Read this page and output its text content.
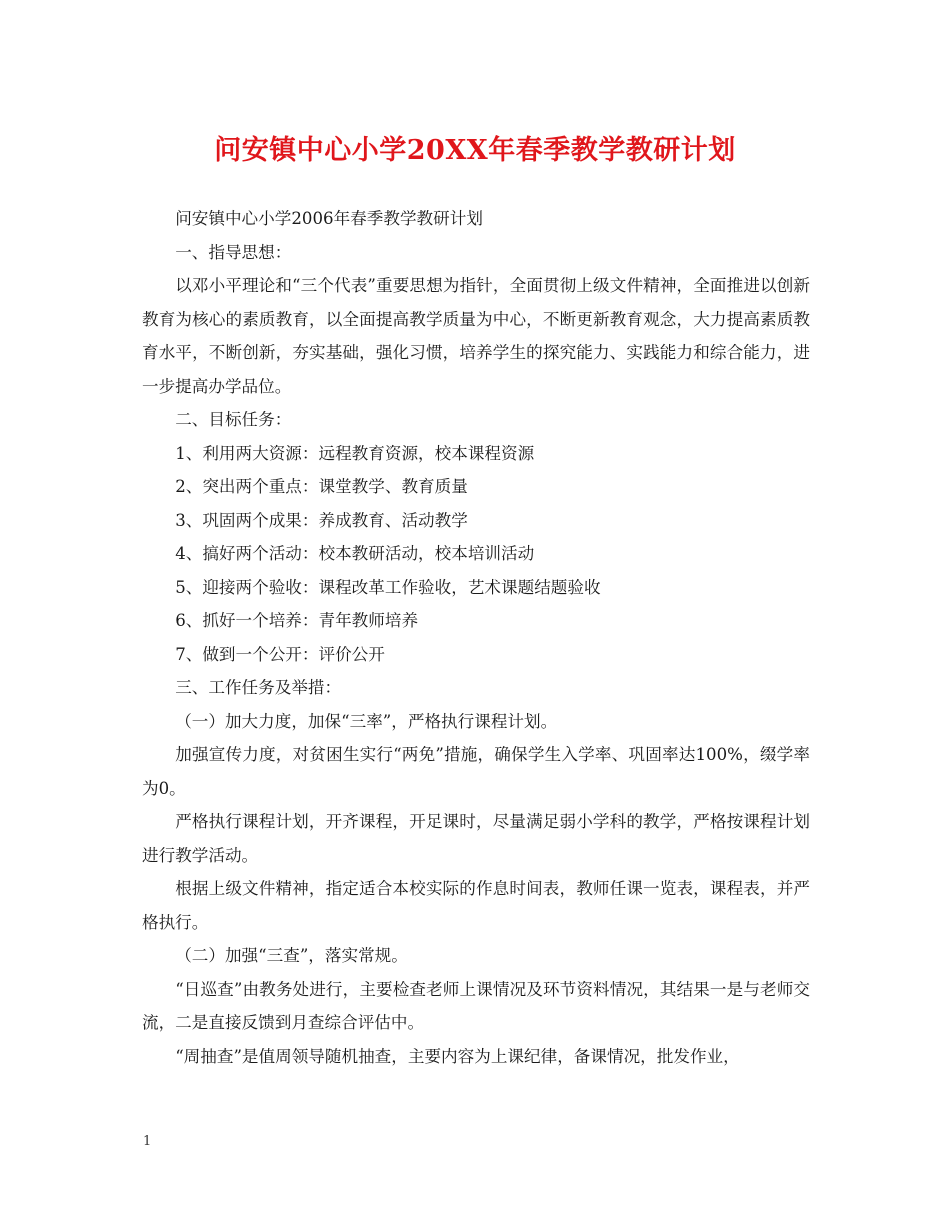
问安镇中心小学20XX年春季教学教研计划

问安镇中心小学2006年春季教学教研计划

一、指导思想：

以邓小平理论和“三个代表”重要思想为指针，全面贯彻上级文件精神，全面推进以创新教育为核心的素质教育，以全面提高教学质量为中心，不断更新教育观念，大力提高素质教育水平，不断创新，夯实基础，强化习惯，培养学生的探究能力、实践能力和综合能力，进一步提高办学品位。

二、目标任务：

1、利用两大资源：远程教育资源，校本课程资源

2、突出两个重点：课堂教学、教育质量

3、巩固两个成果：养成教育、活动教学

4、搞好两个活动：校本教研活动，校本培训活动

5、迎接两个验收：课程改革工作验收，艺术课题结题验收

6、抓好一个培养：青年教师培养

7、做到一个公开：评价公开

三、工作任务及举措：

（一）加大力度，加保“三率”，严格执行课程计划。

加强宣传力度，对贫困生实行“两免”措施，确保学生入学率、巩固率达100%，缀学率为0。

严格执行课程计划，开齐课程，开足课时，尽量满足弱小学科的教学，严格按课程计划进行教学活动。

根据上级文件精神，指定适合本校实际的作息时间表，教师任课一览表，课程表，并严格执行。

（二）加强“三查”，落实常规。

“日巡查”由教务处进行，主要检查老师上课情况及环节资料情况，其结果一是与老师交流，二是直接反馈到月查综合评估中。

“周抽查”是值周领导随机抽查，主要内容为上课纪律，备课情况，批发作业，

1
